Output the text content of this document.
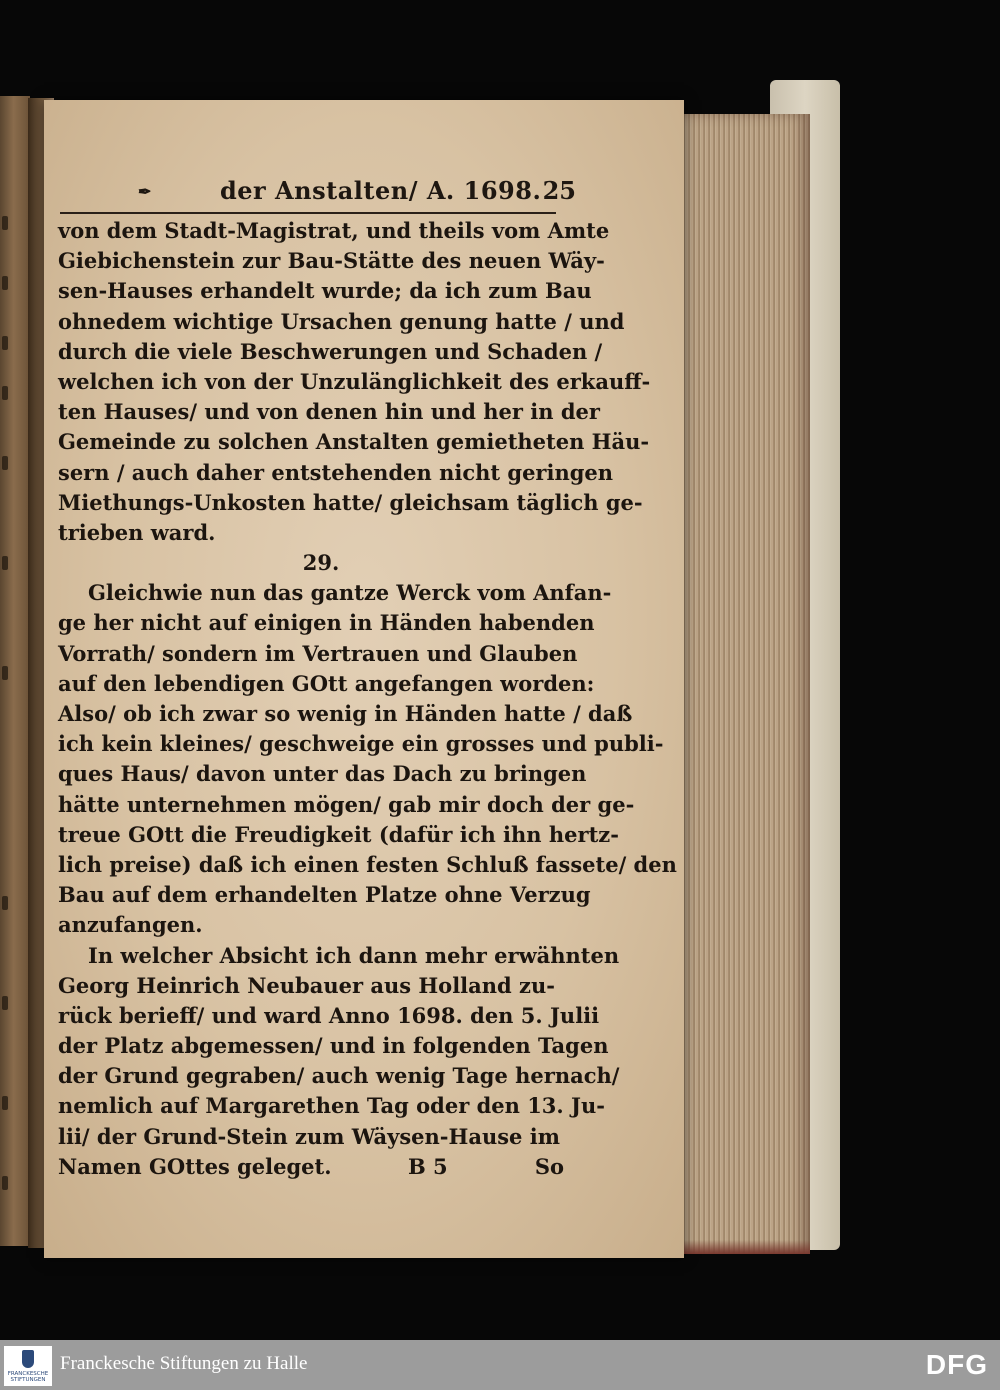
✒	der Anstalten/ A. 1698. 25
von dem Stadt-Magistrat, und theils vom Amte
Giebichenstein zur Bau-Stätte des neuen Wäy-
sen-Hauses erhandelt wurde; da ich zum Bau
ohnedem wichtige Ursachen genung hatte / und
durch die viele Beschwerungen und Schaden /
welchen ich von der Unzulänglichkeit des erkauff-
ten Hauses/ und von denen hin und her in der
Gemeinde zu solchen Anstalten gemietheten Häu-
sern / auch daher entstehenden nicht geringen
Miethungs-Unkosten hatte/ gleichsam täglich ge-
trieben ward.
29.
Gleichwie nun das gantze Werck vom Anfan-
ge her nicht auf einigen in Händen habenden
Vorrath/ sondern im Vertrauen und Glauben
auf den lebendigen GOtt angefangen worden:
Also/ ob ich zwar so wenig in Händen hatte / daß
ich kein kleines/ geschweige ein grosses und publi-
ques Haus/ davon unter das Dach zu bringen
hätte unternehmen mögen/ gab mir doch der ge-
treue GOtt die Freudigkeit (dafür ich ihn hertz-
lich preise) daß ich einen festen Schluß fassete/ den
Bau auf dem erhandelten Platze ohne Verzug
anzufangen.
In welcher Absicht ich dann mehr erwähnten
Georg Heinrich Neubauer aus Holland zu-
rück berieff/ und ward Anno 1698. den 5. Julii
der Platz abgemessen/ und in folgenden Tagen
der Grund gegraben/ auch wenig Tage hernach/
nemlich auf Margarethen Tag oder den 13. Ju-
lii/ der Grund-Stein zum Wäysen-Hause im
Namen GOttes geleget.	B 5	So
FRANCKESCHE
STIFTUNGEN
Franckesche Stiftungen zu Halle	DFG
